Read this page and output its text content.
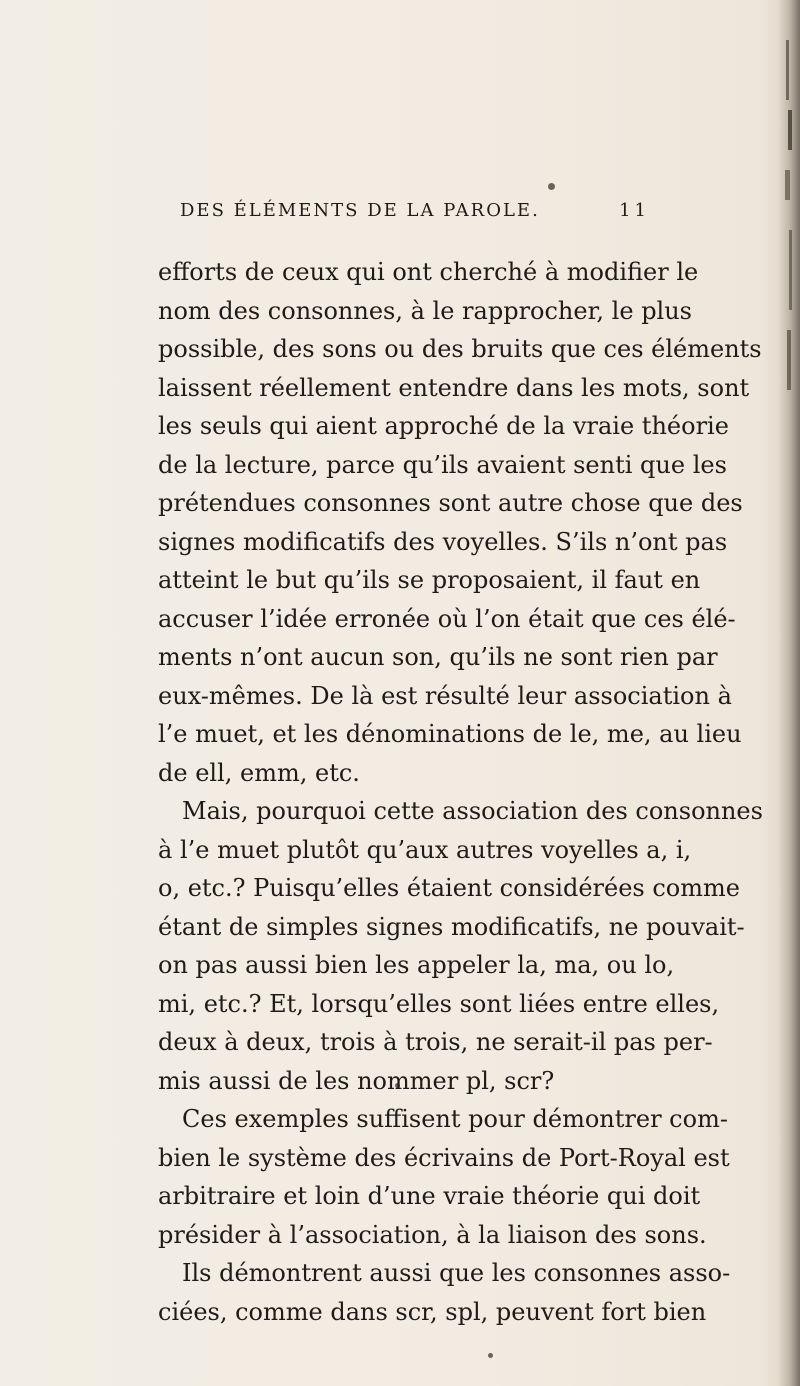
DES ÉLÉMENTS DE LA PAROLE.	11
efforts de ceux qui ont cherché à modifier le
nom des consonnes, à le rapprocher, le plus
possible, des sons ou des bruits que ces éléments
laissent réellement entendre dans les mots, sont
les seuls qui aient approché de la vraie théorie
de la lecture, parce qu’ils avaient senti que les
prétendues consonnes sont autre chose que des
signes modificatifs des voyelles. S’ils n’ont pas
atteint le but qu’ils se proposaient, il faut en
accuser l’idée erronée où l’on était que ces élé-
ments n’ont aucun son, qu’ils ne sont rien par
eux-mêmes. De là est résulté leur association à
l’e muet, et les dénominations de le, me, au lieu
de ell, emm, etc.
Mais, pourquoi cette association des consonnes
à l’e muet plutôt qu’aux autres voyelles a, i,
o, etc.? Puisqu’elles étaient considérées comme
étant de simples signes modificatifs, ne pouvait-
on pas aussi bien les appeler la, ma, ou lo,
mi, etc.? Et, lorsqu’elles sont liées entre elles,
deux à deux, trois à trois, ne serait-il pas per-
mis aussi de les nommer pl, scr?
Ces exemples suffisent pour démontrer com-
bien le système des écrivains de Port-Royal est
arbitraire et loin d’une vraie théorie qui doit
présider à l’association, à la liaison des sons.
Ils démontrent aussi que les consonnes asso-
ciées, comme dans scr, spl, peuvent fort bien
